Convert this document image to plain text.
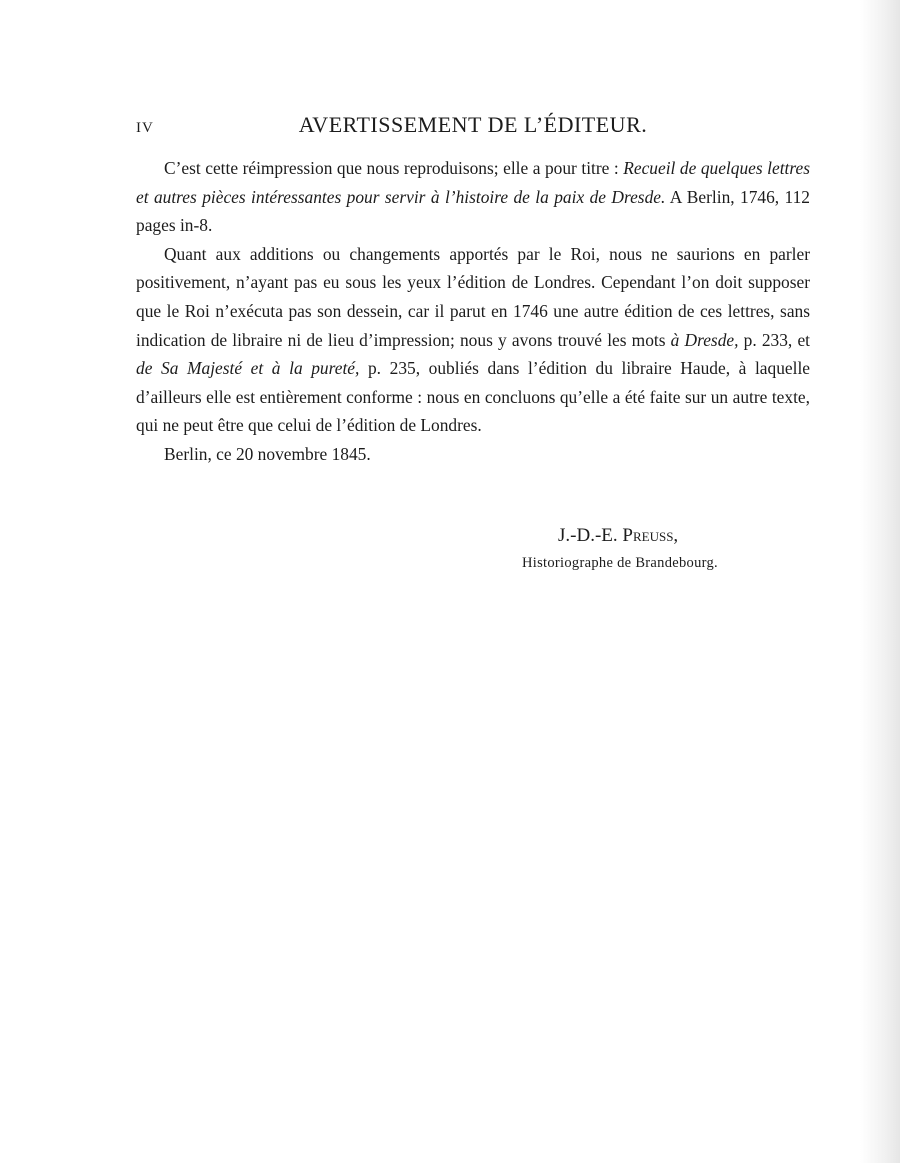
IV	AVERTISSEMENT DE L’ÉDITEUR.

C’est cette réimpression que nous reproduisons; elle a pour titre : Recueil de quelques lettres et autres pièces intéressantes pour servir à l’histoire de la paix de Dresde. A Berlin, 1746, 112 pages in-8.

Quant aux additions ou changements apportés par le Roi, nous ne saurions en parler positivement, n’ayant pas eu sous les yeux l’édition de Londres. Cependant l’on doit supposer que le Roi n’exécuta pas son dessein, car il parut en 1746 une autre édition de ces lettres, sans indication de libraire ni de lieu d’impression; nous y avons trouvé les mots à Dresde, p. 233, et de Sa Majesté et à la pureté, p. 235, oubliés dans l’édition du libraire Haude, à laquelle d’ailleurs elle est entièrement conforme : nous en concluons qu’elle a été faite sur un autre texte, qui ne peut être que celui de l’édition de Londres.

Berlin, ce 20 novembre 1845.

J.-D.-E. Preuss,
Historiographe de Brandebourg.
